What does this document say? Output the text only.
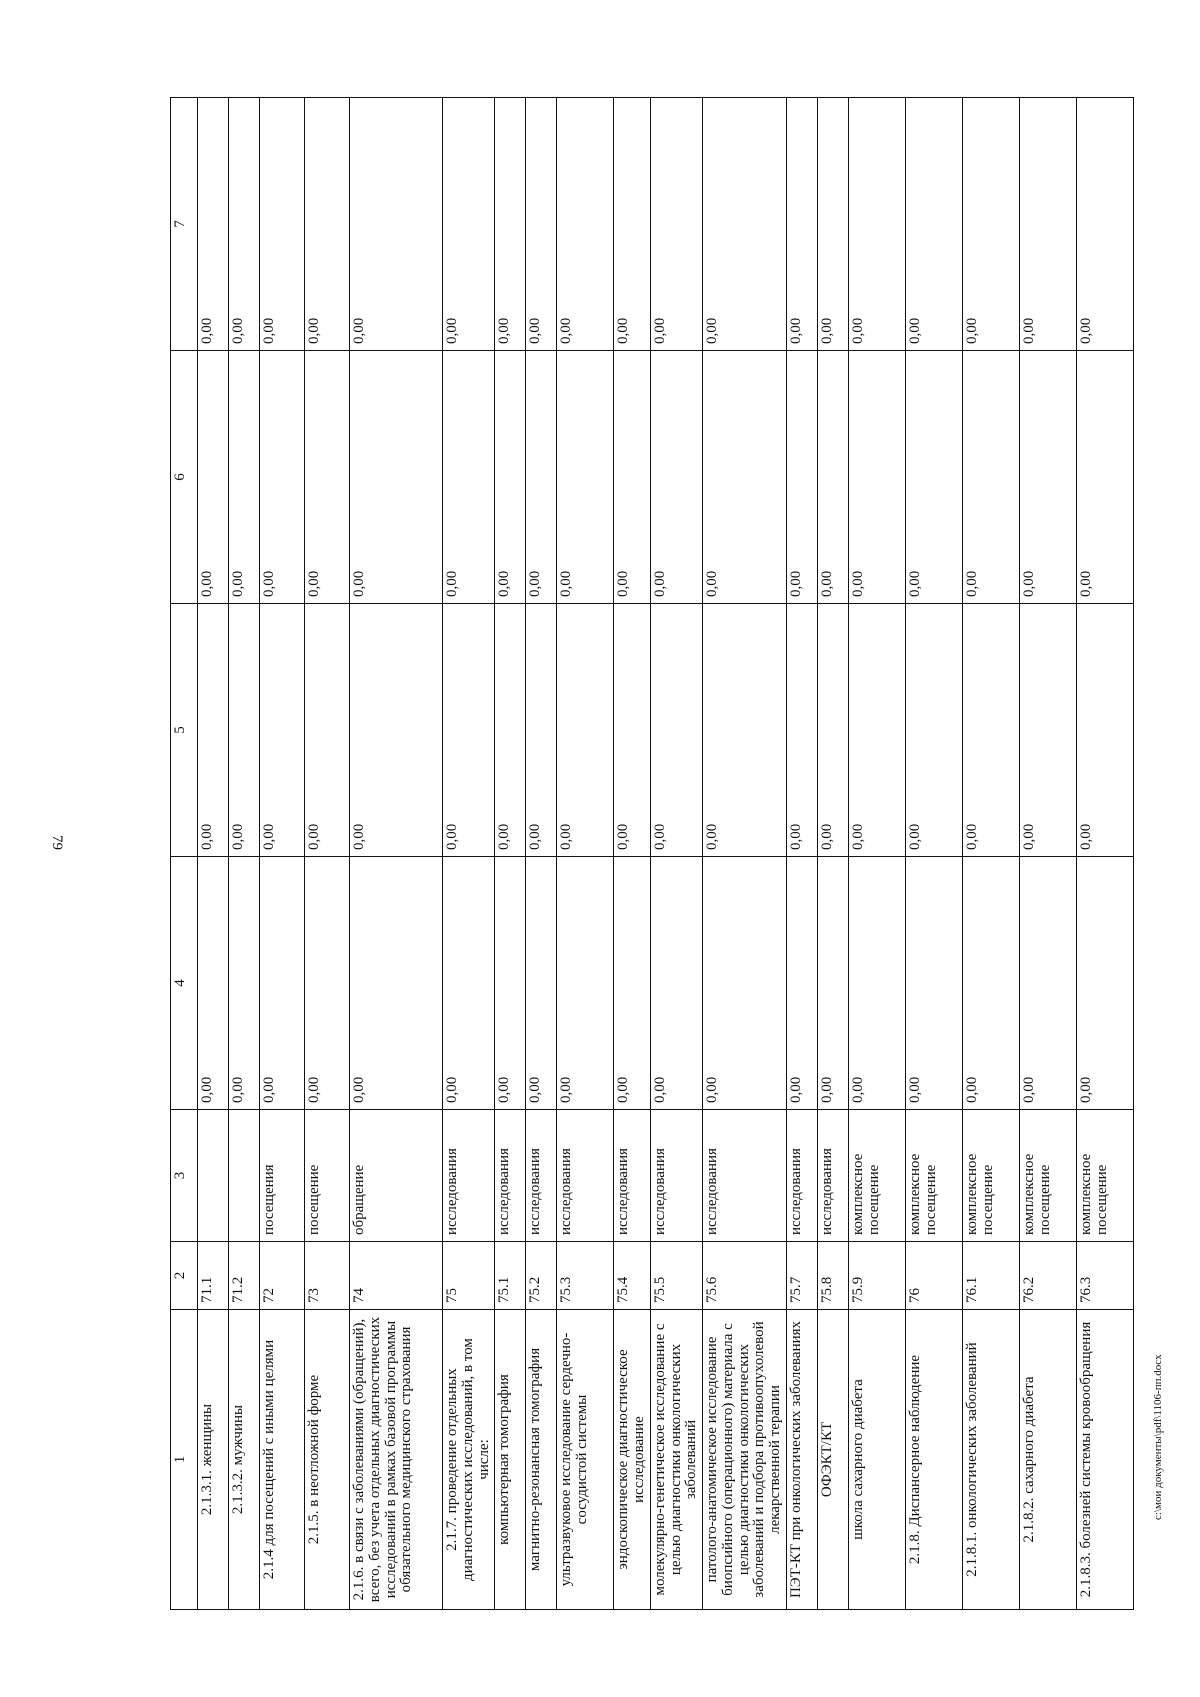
79
1	2	3	4	5	6	7
2.1.3.1. женщины	71.1		0,00	0,00	0,00	0,00
2.1.3.2. мужчины	71.2		0,00	0,00	0,00	0,00
2.1.4 для посещений с иными целями	72	посещения	0,00	0,00	0,00	0,00
2.1.5. в неотложной форме	73	посещение	0,00	0,00	0,00	0,00
2.1.6. в связи с заболеваниями (обращений), всего, без учета отдельных диагностических исследований в рамках базовой программы обязательного медицинского страхования	74	обращение	0,00	0,00	0,00	0,00
2.1.7. проведение отдельных диагностических исследований, в том числе:	75	исследования	0,00	0,00	0,00	0,00
компьютерная томография	75.1	исследования	0,00	0,00	0,00	0,00
магнитно-резонансная томография	75.2	исследования	0,00	0,00	0,00	0,00
ультразвуковое исследование сердечно-сосудистой системы	75.3	исследования	0,00	0,00	0,00	0,00
эндоскопическое диагностическое исследование	75.4	исследования	0,00	0,00	0,00	0,00
молекулярно-генетическое исследование с целью диагностики онкологических заболеваний	75.5	исследования	0,00	0,00	0,00	0,00
патолого-анатомическое исследование биопсийного (операционного) материала с целью диагностики онкологических заболеваний и подбора противоопухолевой лекарственной терапии	75.6	исследования	0,00	0,00	0,00	0,00
ПЭТ-КТ при онкологических заболеваниях	75.7	исследования	0,00	0,00	0,00	0,00
ОФЭКТ/КТ	75.8	исследования	0,00	0,00	0,00	0,00
школа сахарного диабета	75.9	комплексное посещение	0,00	0,00	0,00	0,00
2.1.8. Диспансерное наблюдение	76	комплексное посещение	0,00	0,00	0,00	0,00
2.1.8.1. онкологических заболеваний	76.1	комплексное посещение	0,00	0,00	0,00	0,00
2.1.8.2. сахарного диабета	76.2	комплексное посещение	0,00	0,00	0,00	0,00
2.1.8.3. болезней системы кровообращения	76.3	комплексное посещение	0,00	0,00	0,00	0,00
c:\мои документы\pdf\1106-пп.docx
